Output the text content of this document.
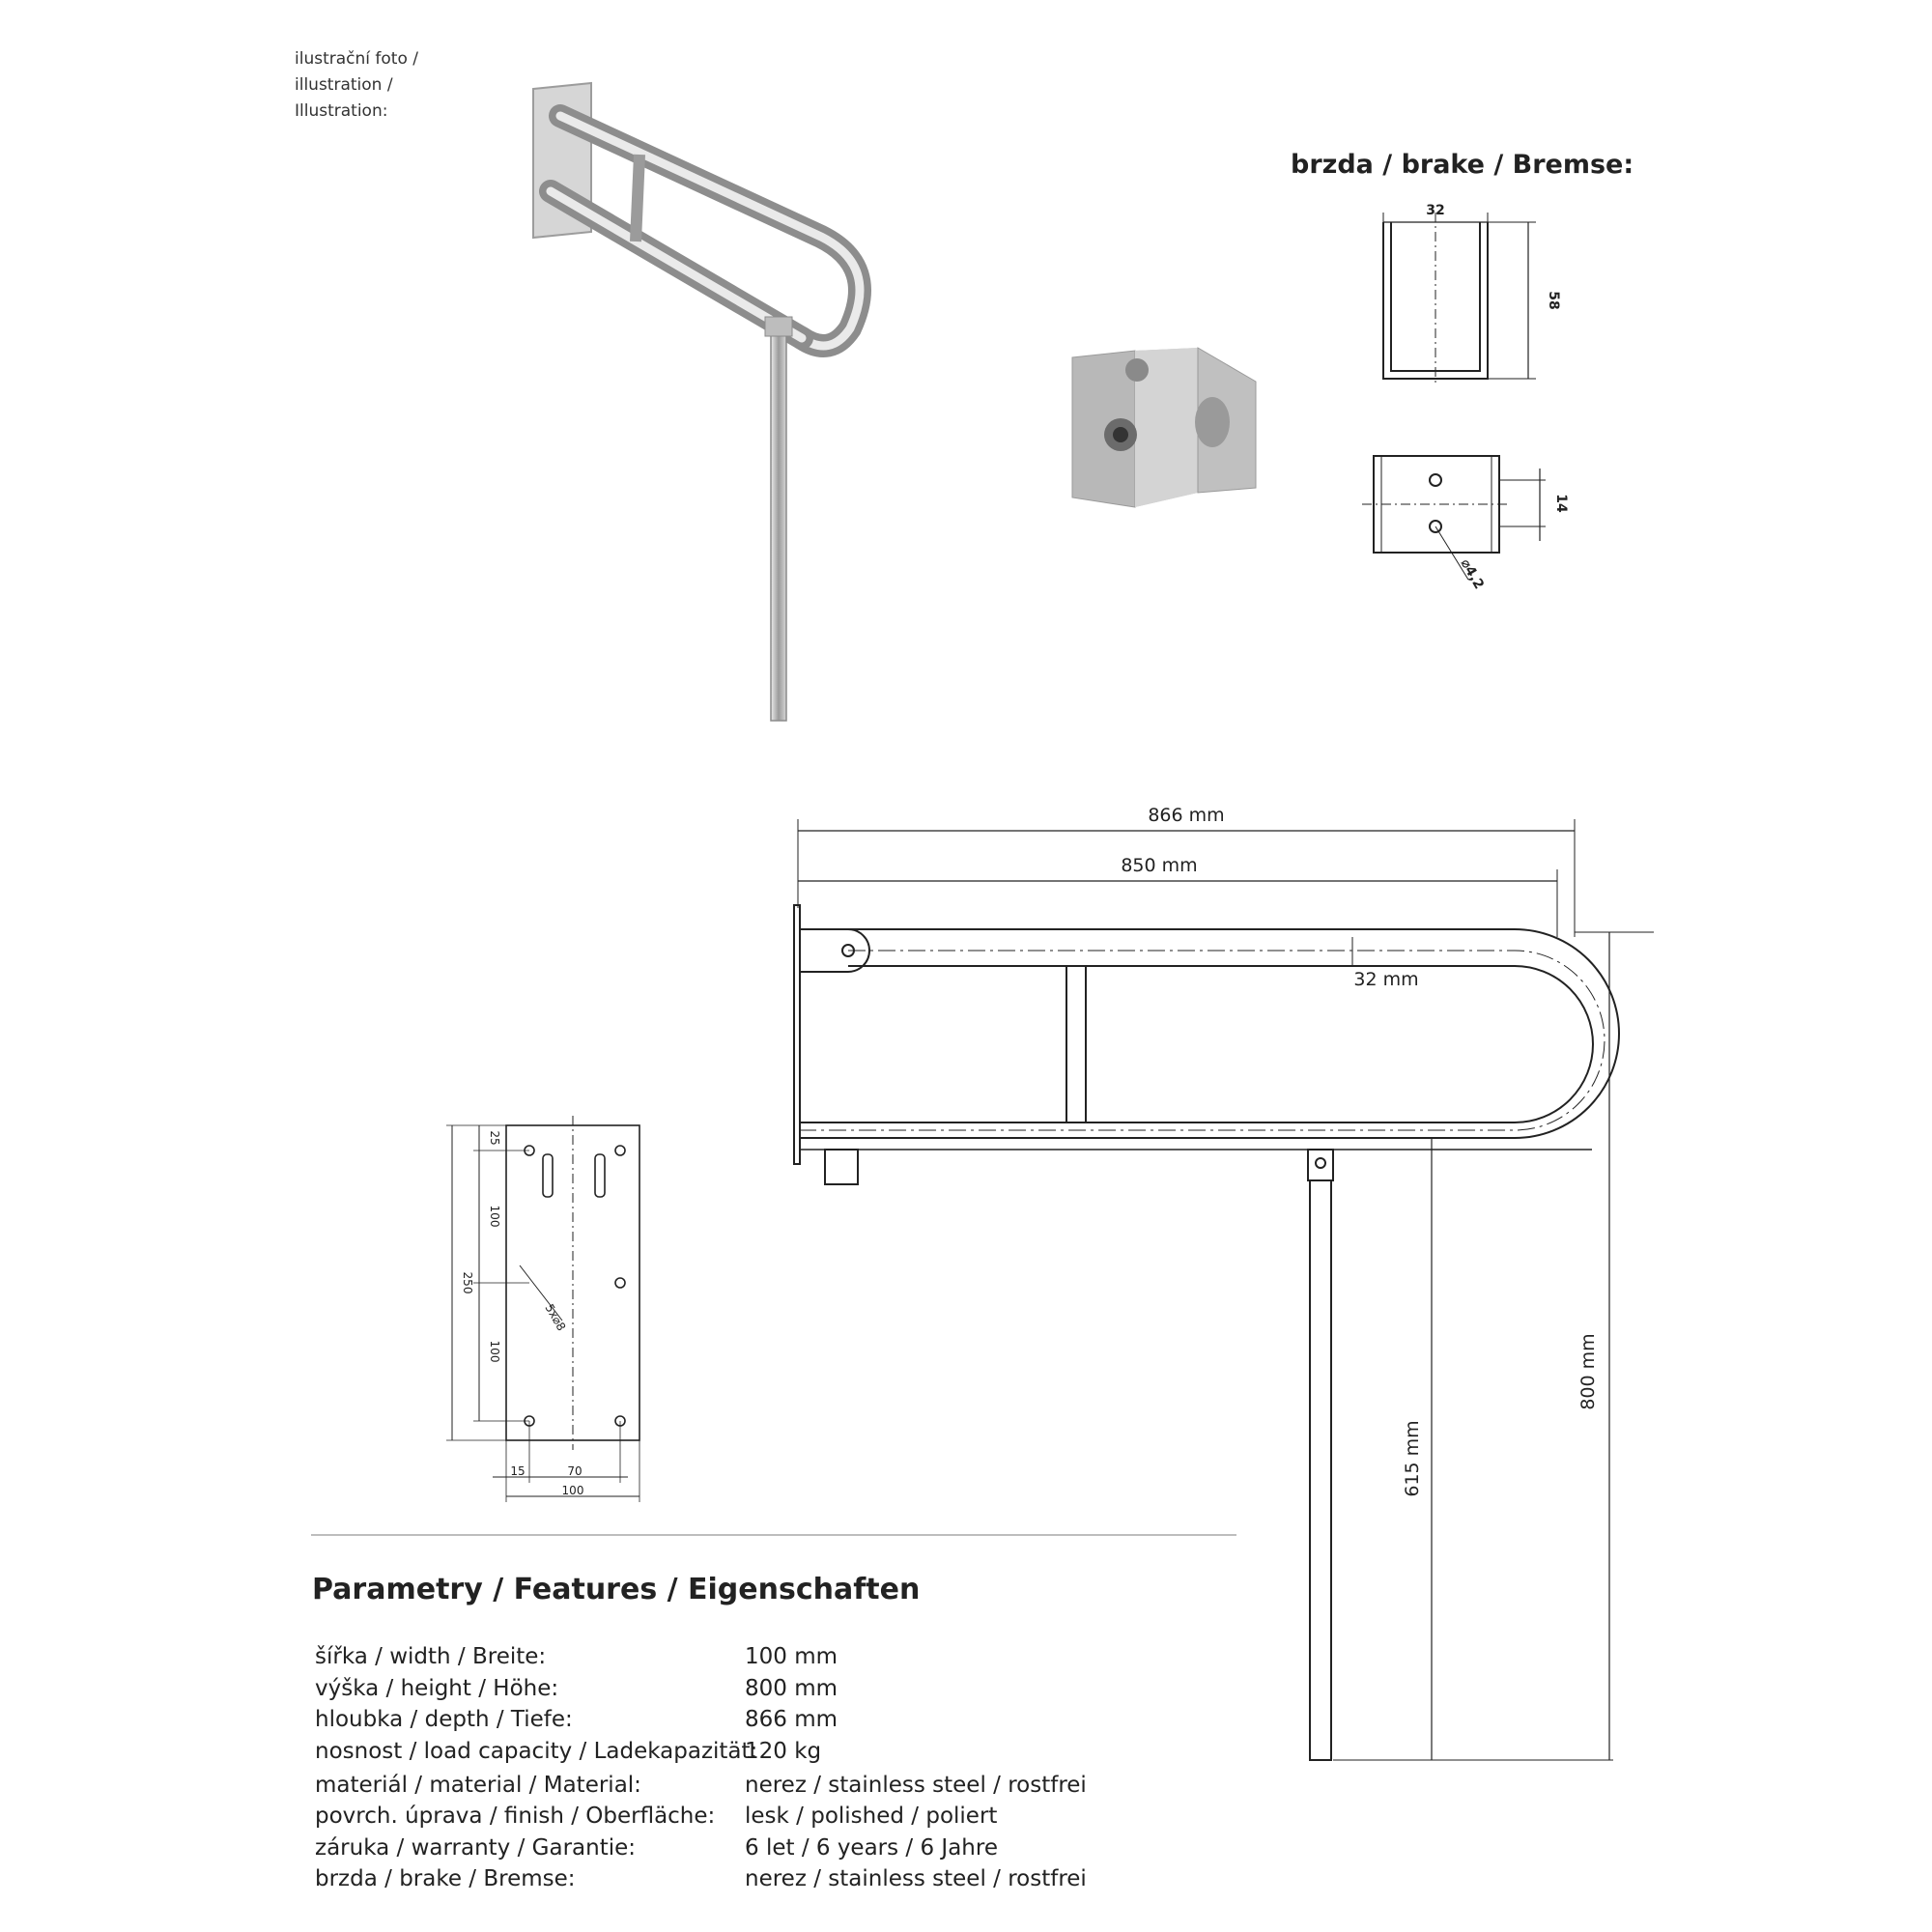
ilustrační foto /
illustration /
Illustration:
brzda / brake / Bremse:
32
58
14
⌀4,2
866 mm
850 mm
32 mm
800 mm
615 mm
25
100
250
100
15	70
100
5x⌀8
Parametry / Features / Eigenschaften
šířka / width / Breite:	100 mm
výška / height / Höhe:	800 mm
hloubka / depth / Tiefe:	866 mm
nosnost / load capacity / Ladekapazität:
120 kg
materiál / material / Material:	nerez / stainless steel / rostfrei
povrch. úprava / finish / Oberfläche: lesk / polished / poliert
záruka / warranty / Garantie:	6 let / 6 years / 6 Jahre
brzda / brake / Bremse:	nerez / stainless steel / rostfrei
